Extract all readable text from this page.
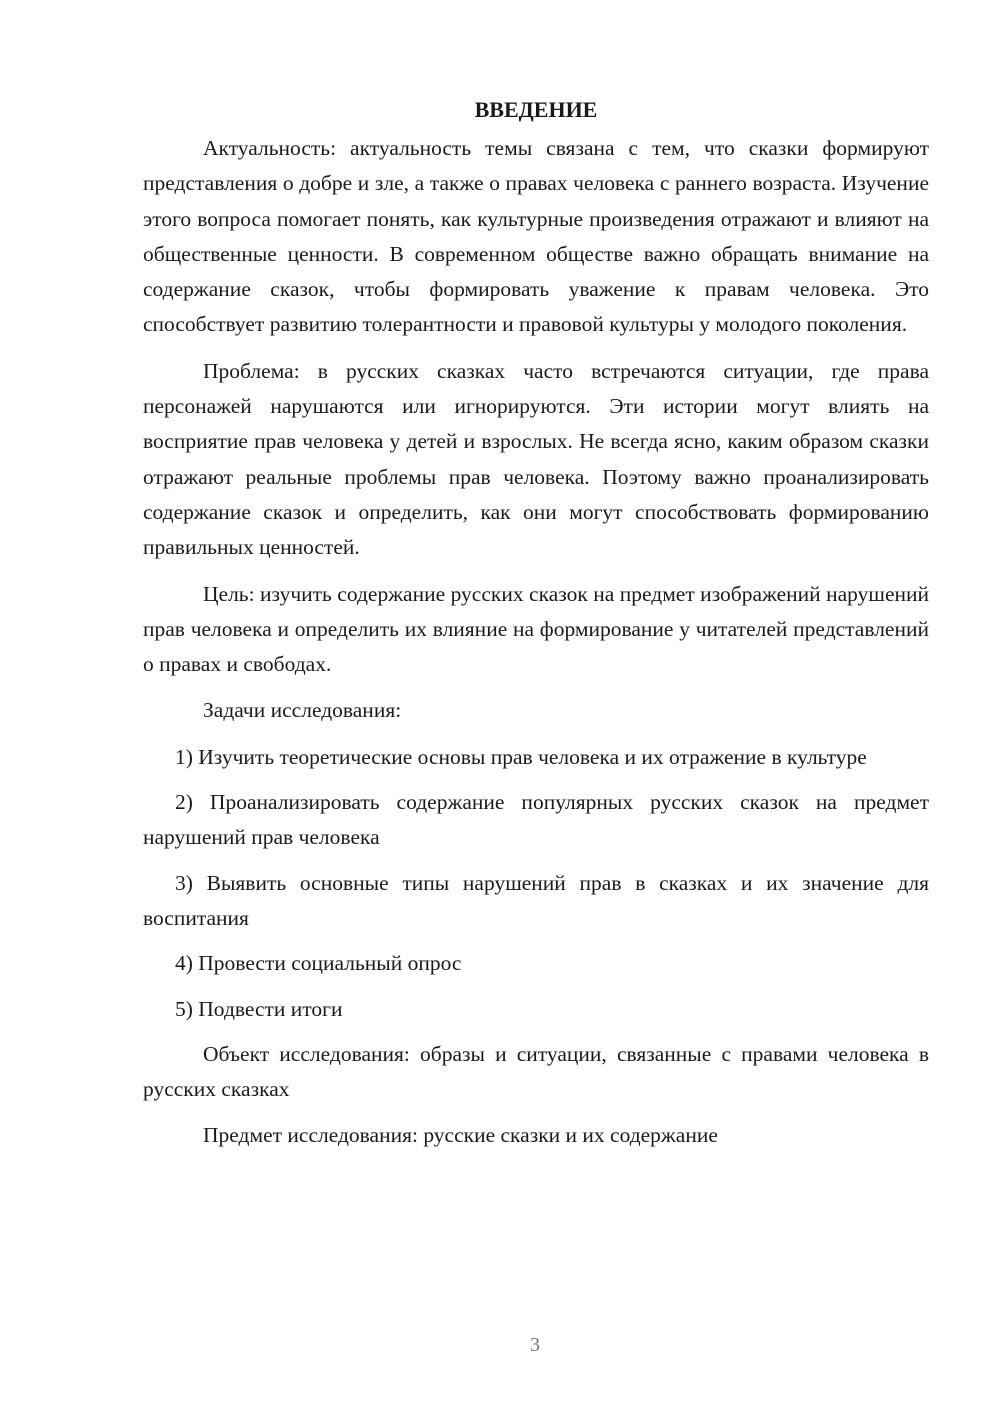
ВВЕДЕНИЕ

Актуальность: актуальность темы связана с тем, что сказки формируют представления о добре и зле, а также о правах человека с раннего возраста. Изучение этого вопроса помогает понять, как культурные произведения отражают и влияют на общественные ценности. В современном обществе важно обращать внимание на содержание сказок, чтобы формировать уважение к правам человека. Это способствует развитию толерантности и правовой культуры у молодого поколения.

Проблема: в русских сказках часто встречаются ситуации, где права персонажей нарушаются или игнорируются. Эти истории могут влиять на восприятие прав человека у детей и взрослых. Не всегда ясно, каким образом сказки отражают реальные проблемы прав человека. Поэтому важно проанализировать содержание сказок и определить, как они могут способствовать формированию правильных ценностей.

Цель: изучить содержание русских сказок на предмет изображений нарушений прав человека и определить их влияние на формирование у читателей представлений о правах и свободах.

Задачи исследования:

1) Изучить теоретические основы прав человека и их отражение в культуре

2) Проанализировать содержание популярных русских сказок на предмет нарушений прав человека

3) Выявить основные типы нарушений прав в сказках и их значение для воспитания

4) Провести социальный опрос

5) Подвести итоги

Объект исследования: образы и ситуации, связанные с правами человека в русских сказках

Предмет исследования: русские сказки и их содержание

3
